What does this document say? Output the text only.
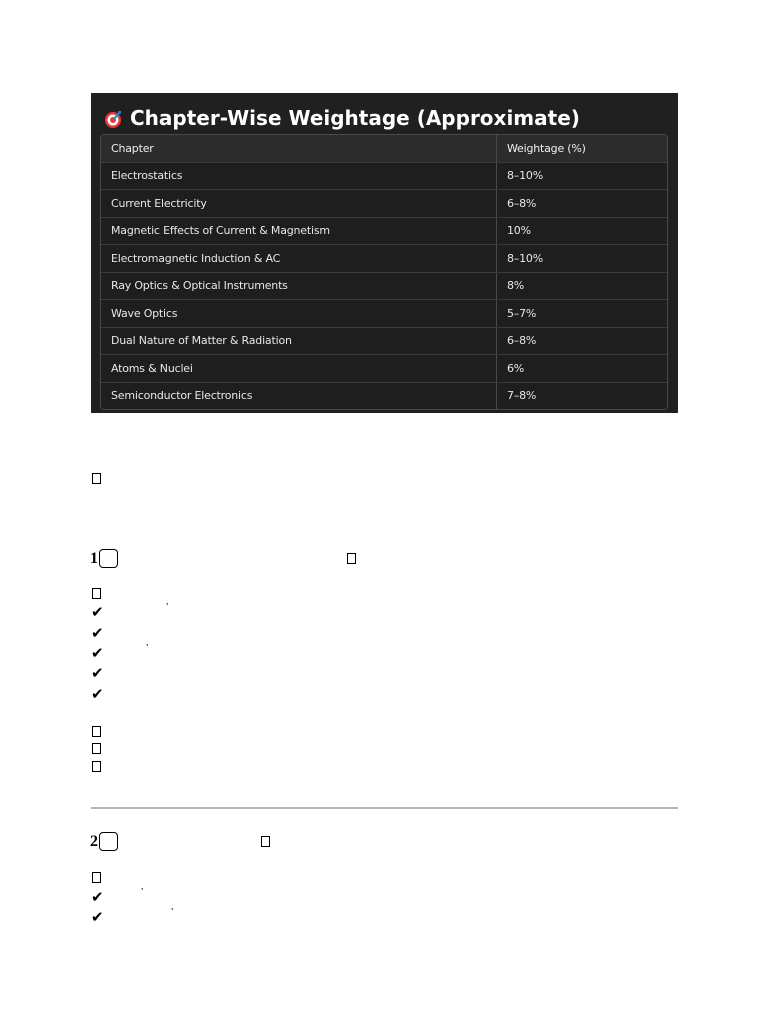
Chapter-Wise Weightage (Approximate)
Chapter	Weightage (%)
Electrostatics	8–10%
Current Electricity	6–8%
Magnetic Effects of Current & Magnetism	10%
Electromagnetic Induction & AC	8–10%
Ray Optics & Optical Instruments	8%
Wave Optics	5–7%
Dual Nature of Matter & Radiation	6–8%
Atoms & Nuclei	6%
Semiconductor Electronics	7–8%
1
✔	’
✔
✔	’
✔
✔
2
✔	’
✔	’
